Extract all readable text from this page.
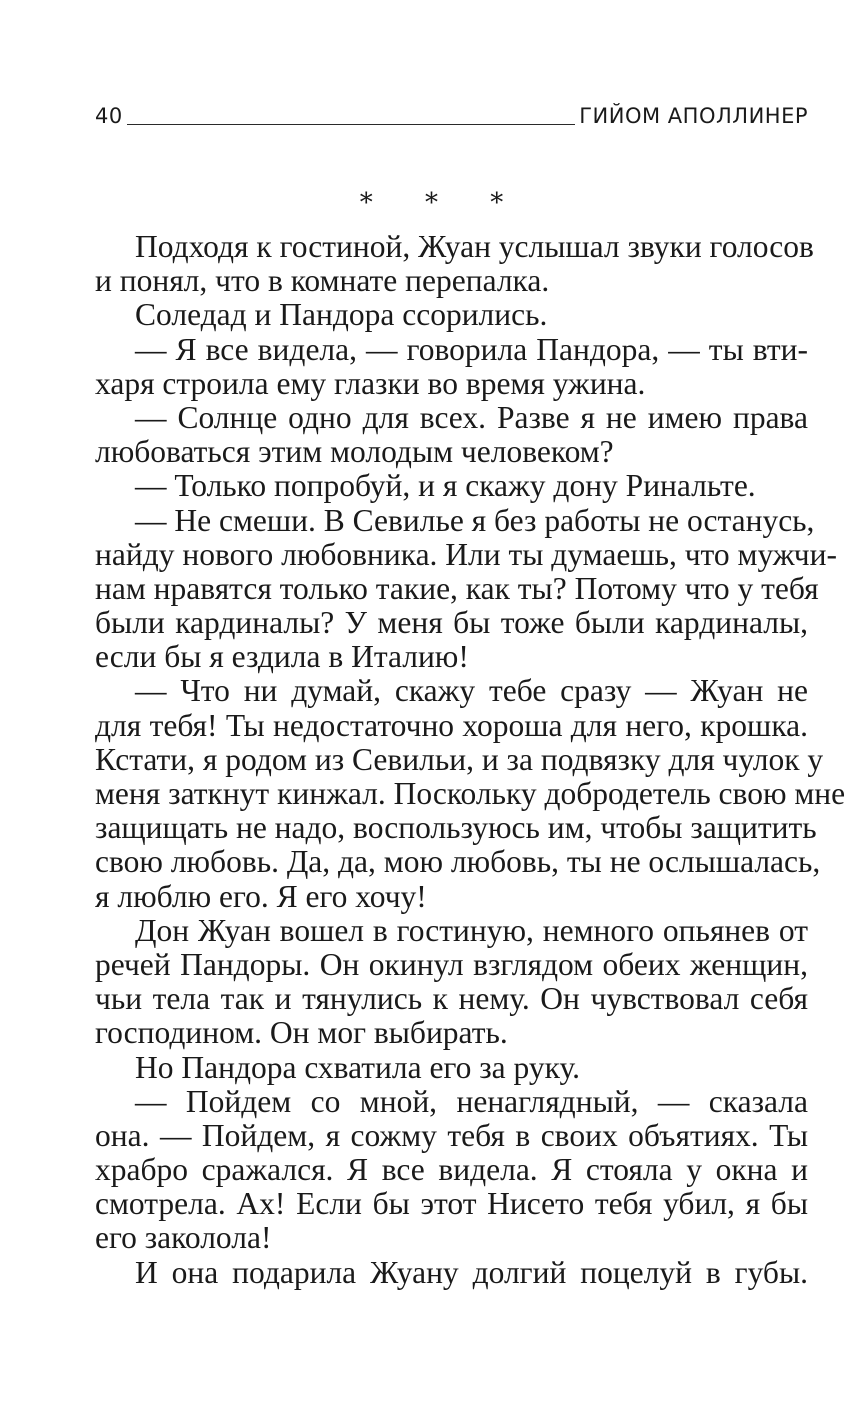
40	ГИЙОМ АПОЛЛИНЕР
* * *
Подходя к гостиной, Жуан услышал звуки голосов
и понял, что в комнате перепалка.
Соледад и Пандора ссорились.
— Я все видела, — говорила Пандора, — ты вти-
харя строила ему глазки во время ужина.
— Солнце одно для всех. Разве я не имею права
любоваться этим молодым человеком?
— Только попробуй, и я скажу дону Ринальте.
— Не смеши. В Севилье я без работы не останусь,
найду нового любовника. Или ты думаешь, что мужчи-
нам нравятся только такие, как ты? Потому что у тебя
были кардиналы? У меня бы тоже были кардиналы,
если бы я ездила в Италию!
— Что ни думай, скажу тебе сразу — Жуан не
для тебя! Ты недостаточно хороша для него, крошка.
Кстати, я родом из Севильи, и за подвязку для чулок у
меня заткнут кинжал. Поскольку добродетель свою мне
защищать не надо, воспользуюсь им, чтобы защитить
свою любовь. Да, да, мою любовь, ты не ослышалась,
я люблю его. Я его хочу!
Дон Жуан вошел в гостиную, немного опьянев от
речей Пандоры. Он окинул взглядом обеих женщин,
чьи тела так и тянулись к нему. Он чувствовал себя
господином. Он мог выбирать.
Но Пандора схватила его за руку.
— Пойдем со мной, ненаглядный, — сказала
она. — Пойдем, я сожму тебя в своих объятиях. Ты
храбро сражался. Я все видела. Я стояла у окна и
смотрела. Ах! Если бы этот Нисето тебя убил, я бы
его заколола!
И она подарила Жуану долгий поцелуй в губы.
